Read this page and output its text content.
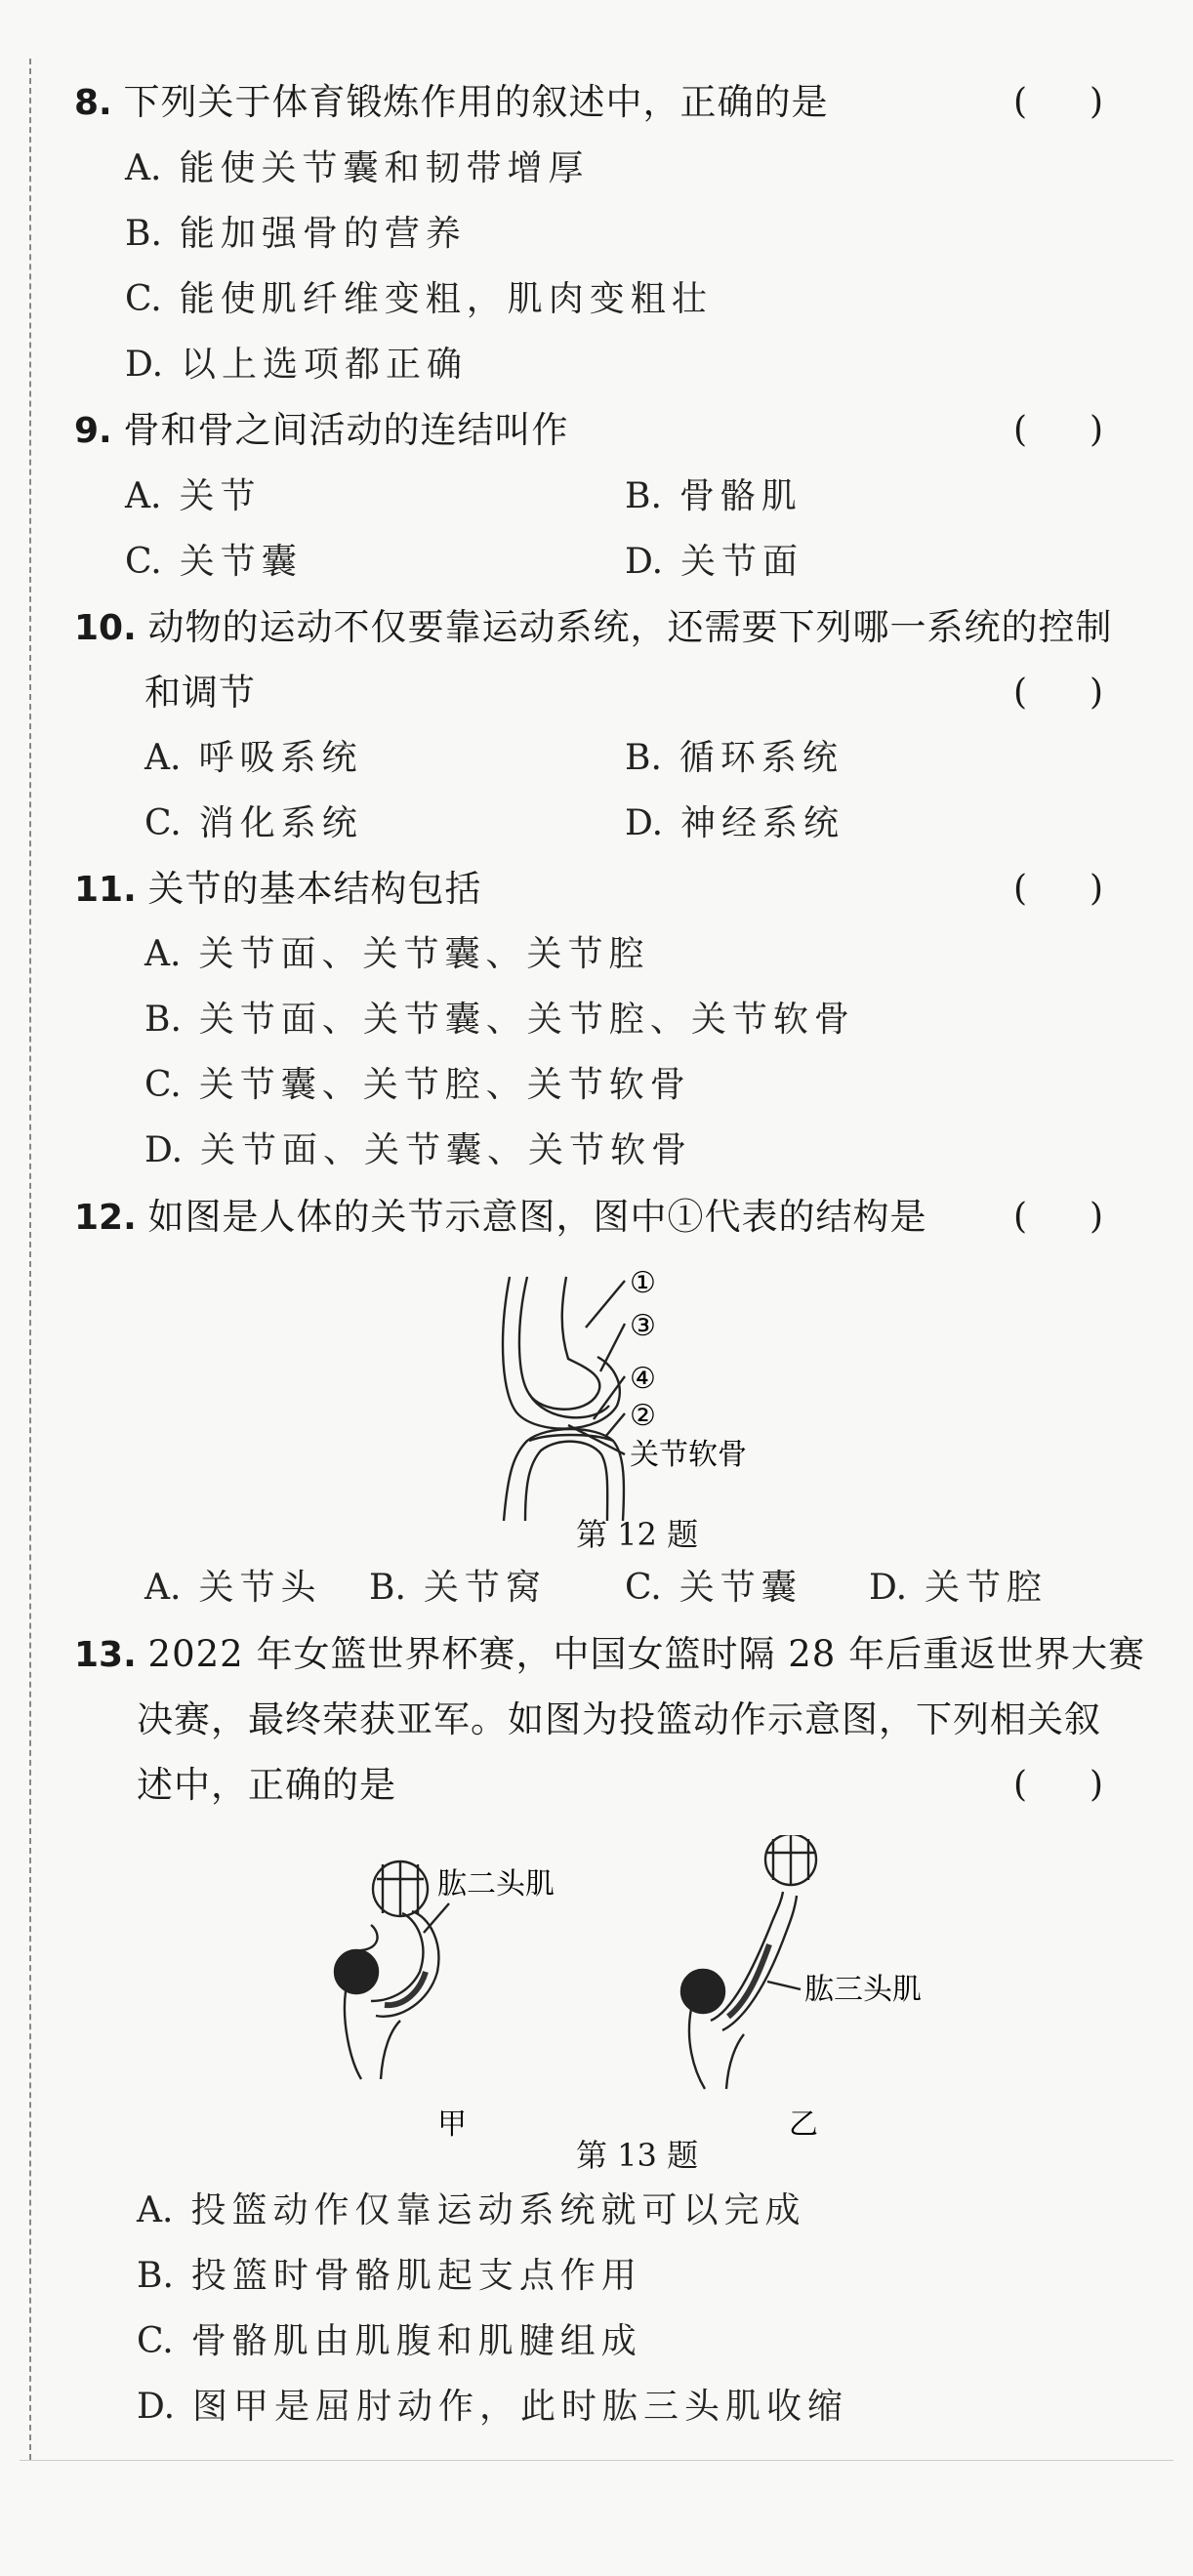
8. 下列关于体育锻炼作用的叙述中，正确的是	( )
A. 能使关节囊和韧带增厚
B. 能加强骨的营养
C. 能使肌纤维变粗，肌肉变粗壮
D. 以上选项都正确
9. 骨和骨之间活动的连结叫作	( )
A. 关节	B. 骨骼肌
C. 关节囊	D. 关节面
10. 动物的运动不仅要靠运动系统，还需要下列哪一系统的控制
和调节	( )
A. 呼吸系统	B. 循环系统
C. 消化系统	D. 神经系统
11. 关节的基本结构包括	( )
A. 关节面、关节囊、关节腔
B. 关节面、关节囊、关节腔、关节软骨
C. 关节囊、关节腔、关节软骨
D. 关节面、关节囊、关节软骨
12. 如图是人体的关节示意图，图中①代表的结构是 ( )
①
③
④
②
关节软骨
第 12 题
A. 关节头 B. 关节窝 C. 关节囊 D. 关节腔
13. 2022 年女篮世界杯赛，中国女篮时隔 28 年后重返世界大赛
决赛，最终荣获亚军。如图为投篮动作示意图，下列相关叙
述中，正确的是	( )
肱二头肌
肱三头肌
甲	乙
第 13 题
A. 投篮动作仅靠运动系统就可以完成
B. 投篮时骨骼肌起支点作用
C. 骨骼肌由肌腹和肌腱组成
D. 图甲是屈肘动作，此时肱三头肌收缩
